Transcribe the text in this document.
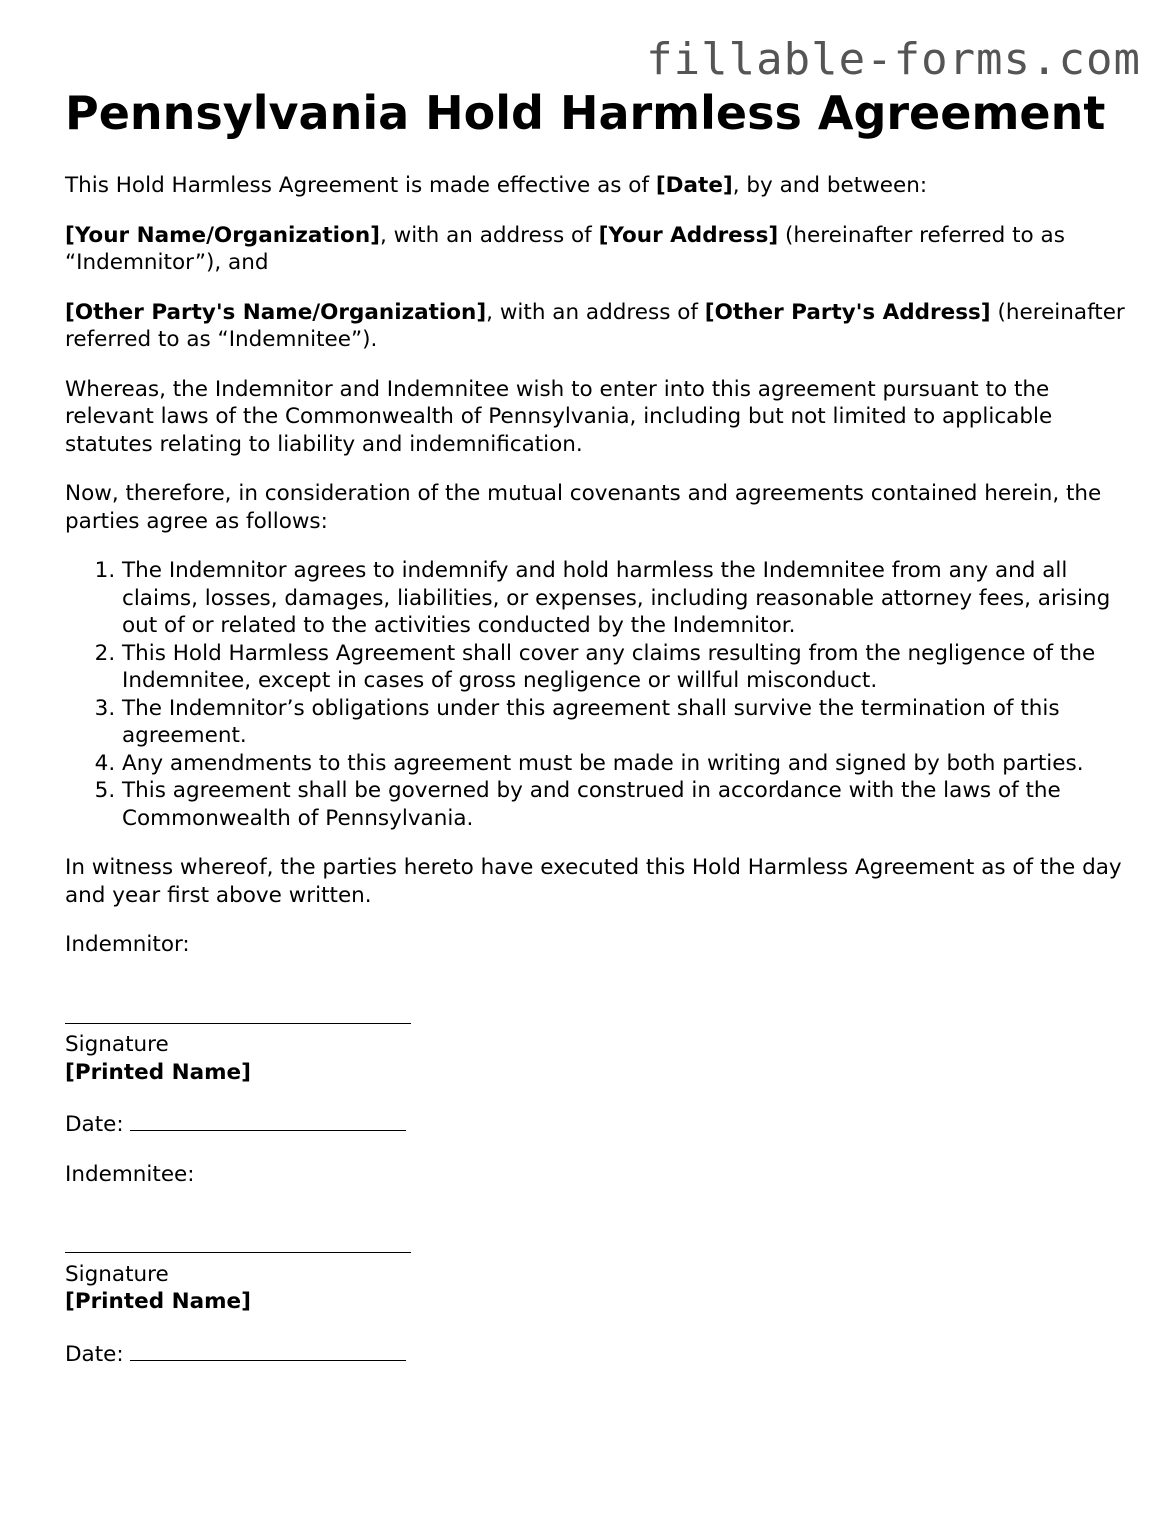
fillable-forms.com
Pennsylvania Hold Harmless Agreement

This Hold Harmless Agreement is made effective as of [Date], by and between:

[Your Name/Organization], with an address of [Your Address] (hereinafter referred to as “Indemnitor”), and

[Other Party's Name/Organization], with an address of [Other Party's Address] (hereinafter referred to as “Indemnitee”).

Whereas, the Indemnitor and Indemnitee wish to enter into this agreement pursuant to the relevant laws of the Commonwealth of Pennsylvania, including but not limited to applicable statutes relating to liability and indemnification.

Now, therefore, in consideration of the mutual covenants and agreements contained herein, the parties agree as follows:

1. The Indemnitor agrees to indemnify and hold harmless the Indemnitee from any and all claims, losses, damages, liabilities, or expenses, including reasonable attorney fees, arising out of or related to the activities conducted by the Indemnitor.
2. This Hold Harmless Agreement shall cover any claims resulting from the negligence of the Indemnitee, except in cases of gross negligence or willful misconduct.
3. The Indemnitor’s obligations under this agreement shall survive the termination of this agreement.
4. Any amendments to this agreement must be made in writing and signed by both parties.
5. This agreement shall be governed by and construed in accordance with the laws of the Commonwealth of Pennsylvania.

In witness whereof, the parties hereto have executed this Hold Harmless Agreement as of the day and year first above written.

Indemnitor:

Signature

[Printed Name]

Date:

Indemnitee:

Signature

[Printed Name]

Date:
